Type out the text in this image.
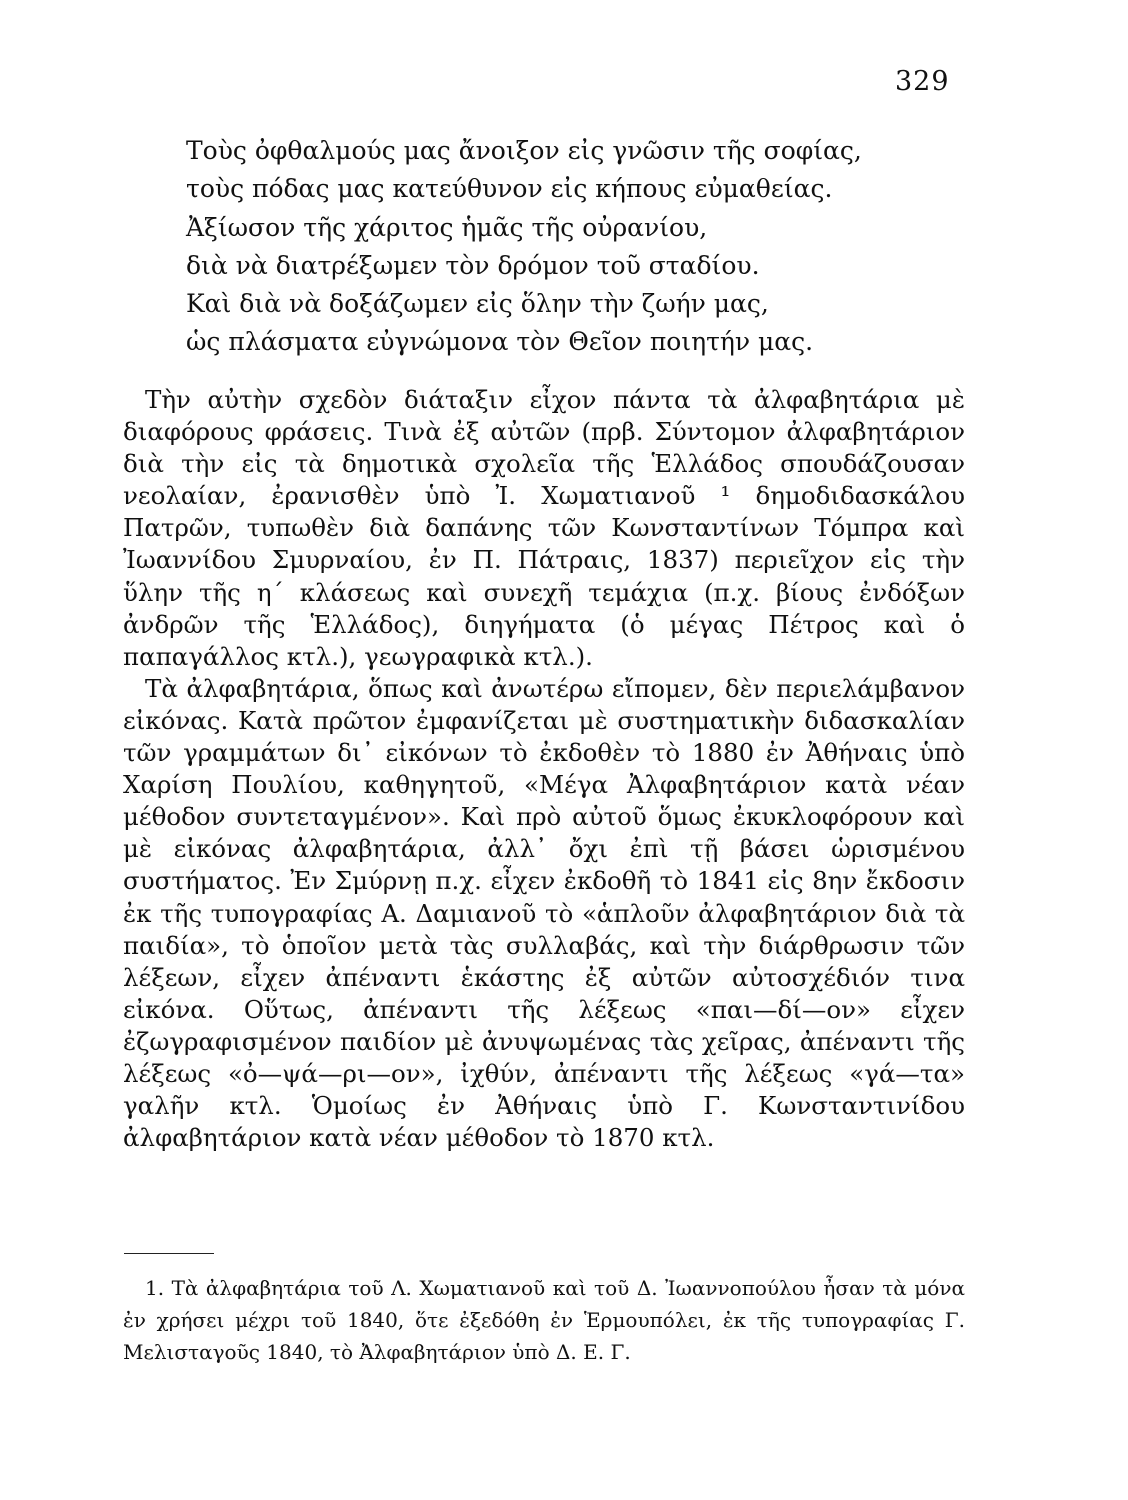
329
Τοὺς ὀφθαλμούς μας ἄνοιξον εἰς γνῶσιν τῆς σοφίας,
τοὺς πόδας μας κατεύθυνον εἰς κήπους εὐμαθείας.
Ἀξίωσον τῆς χάριτος ἡμᾶς τῆς οὐρανίου,
διὰ νὰ διατρέξωμεν τὸν δρόμον τοῦ σταδίου.
Καὶ διὰ νὰ δοξάζωμεν εἰς ὅλην τὴν ζωήν μας,
ὡς πλάσματα εὐγνώμονα τὸν Θεῖον ποιητήν μας.

Τὴν αὐτὴν σχεδὸν διάταξιν εἶχον πάντα τὰ ἀλφαβητάρια μὲ διαφόρους φράσεις. Τινὰ ἐξ αὐτῶν (πρβ. Σύντομον ἀλφαβητάριον διὰ τὴν εἰς τὰ δημοτικὰ σχολεῖα τῆς Ἑλλάδος σπουδάζουσαν νεολαίαν, ἐρανισθὲν ὑπὸ Ἰ. Χωματιανοῦ ¹ δημοδιδασκάλου Πατρῶν, τυπωθὲν διὰ δαπάνης τῶν Κωνσταντίνων Τόμπρα καὶ Ἰωαννίδου Σμυρναίου, ἐν Π. Πάτραις, 1837) περιεῖχον εἰς τὴν ὕλην τῆς η΄ κλάσεως καὶ συνεχῆ τεμάχια (π.χ. βίους ἐνδόξων ἀνδρῶν τῆς Ἑλλάδος), διηγήματα (ὁ μέγας Πέτρος καὶ ὁ παπαγάλλος κτλ.), γεωγραφικὰ κτλ.).

Τὰ ἀλφαβητάρια, ὅπως καὶ ἀνωτέρω εἴπομεν, δὲν περιελάμβανον εἰκόνας. Κατὰ πρῶτον ἐμφανίζεται μὲ συστηματικὴν διδασκαλίαν τῶν γραμμάτων δι᾽ εἰκόνων τὸ ἐκδοθὲν τὸ 1880 ἐν Ἀθήναις ὑπὸ Χαρίση Πουλίου, καθηγητοῦ, «Μέγα Ἀλφαβητάριον κατὰ νέαν μέθοδον συντεταγμένον». Καὶ πρὸ αὐτοῦ ὅμως ἐκυκλοφόρουν καὶ μὲ εἰκόνας ἀλφαβητάρια, ἀλλ᾽ ὄχι ἐπὶ τῇ βάσει ὡρισμένου συστήματος. Ἐν Σμύρνῃ π.χ. εἶχεν ἐκδοθῆ τὸ 1841 εἰς 8ην ἔκδοσιν ἐκ τῆς τυπογραφίας Α. Δαμιανοῦ τὸ «ἁπλοῦν ἀλφαβητάριον διὰ τὰ παιδία», τὸ ὁποῖον μετὰ τὰς συλλαβάς, καὶ τὴν διάρθρωσιν τῶν λέξεων, εἶχεν ἀπέναντι ἑκάστης ἐξ αὐτῶν αὐτοσχέδιόν τινα εἰκόνα. Οὕτως, ἀπέναντι τῆς λέξεως «παι—δί—ον» εἶχεν ἐζωγραφισμένον παιδίον μὲ ἀνυψωμένας τὰς χεῖρας, ἀπέναντι τῆς λέξεως «ὀ—ψά—ρι—ον», ἰχθύν, ἀπέναντι τῆς λέξεως «γά—τα» γαλῆν κτλ. Ὁμοίως ἐν Ἀθήναις ὑπὸ Γ. Κωνσταντινίδου ἀλφαβητάριον κατὰ νέαν μέθοδον τὸ 1870 κτλ.

1. Τὰ ἀλφαβητάρια τοῦ Λ. Χωματιανοῦ καὶ τοῦ Δ. Ἰωαννοπούλου ἦσαν τὰ μόνα ἐν χρήσει μέχρι τοῦ 1840, ὅτε ἐξεδόθη ἐν Ἑρμουπόλει, ἐκ τῆς τυπογραφίας Γ. Μελισταγοῦς 1840, τὸ Ἀλφαβητάριον ὑπὸ Δ. Ε. Γ.
